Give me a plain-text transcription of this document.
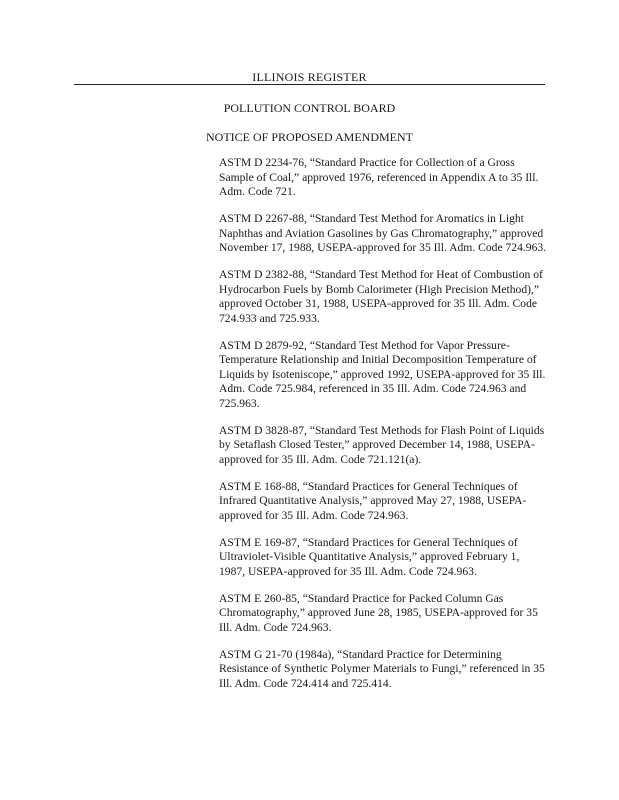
ILLINOIS REGISTER
POLLUTION CONTROL BOARD
NOTICE OF PROPOSED AMENDMENT
ASTM D 2234-76, “Standard Practice for Collection of a Gross Sample of Coal,” approved 1976, referenced in Appendix A to 35 Ill. Adm. Code 721.
ASTM D 2267-88, “Standard Test Method for Aromatics in Light Naphthas and Aviation Gasolines by Gas Chromatography,” approved November 17, 1988, USEPA-approved for 35 Ill. Adm. Code 724.963.
ASTM D 2382-88, “Standard Test Method for Heat of Combustion of Hydrocarbon Fuels by Bomb Calorimeter (High Precision Method),” approved October 31, 1988, USEPA-approved for 35 Ill. Adm. Code 724.933 and 725.933.
ASTM D 2879-92, “Standard Test Method for Vapor Pressure-Temperature Relationship and Initial Decomposition Temperature of Liquids by Isoteniscope,” approved 1992, USEPA-approved for 35 Ill. Adm. Code 725.984, referenced in 35 Ill. Adm. Code 724.963 and 725.963.
ASTM D 3828-87, “Standard Test Methods for Flash Point of Liquids by Setaflash Closed Tester,” approved December 14, 1988, USEPA-approved for 35 Ill. Adm. Code 721.121(a).
ASTM E 168-88, “Standard Practices for General Techniques of Infrared Quantitative Analysis,” approved May 27, 1988, USEPA-approved for 35 Ill. Adm. Code 724.963.
ASTM E 169-87, “Standard Practices for General Techniques of Ultraviolet-Visible Quantitative Analysis,” approved February 1, 1987, USEPA-approved for 35 Ill. Adm. Code 724.963.
ASTM E 260-85, “Standard Practice for Packed Column Gas Chromatography,” approved June 28, 1985, USEPA-approved for 35 Ill. Adm. Code 724.963.
ASTM G 21-70 (1984a), “Standard Practice for Determining Resistance of Synthetic Polymer Materials to Fungi,” referenced in 35 Ill. Adm. Code 724.414 and 725.414.
